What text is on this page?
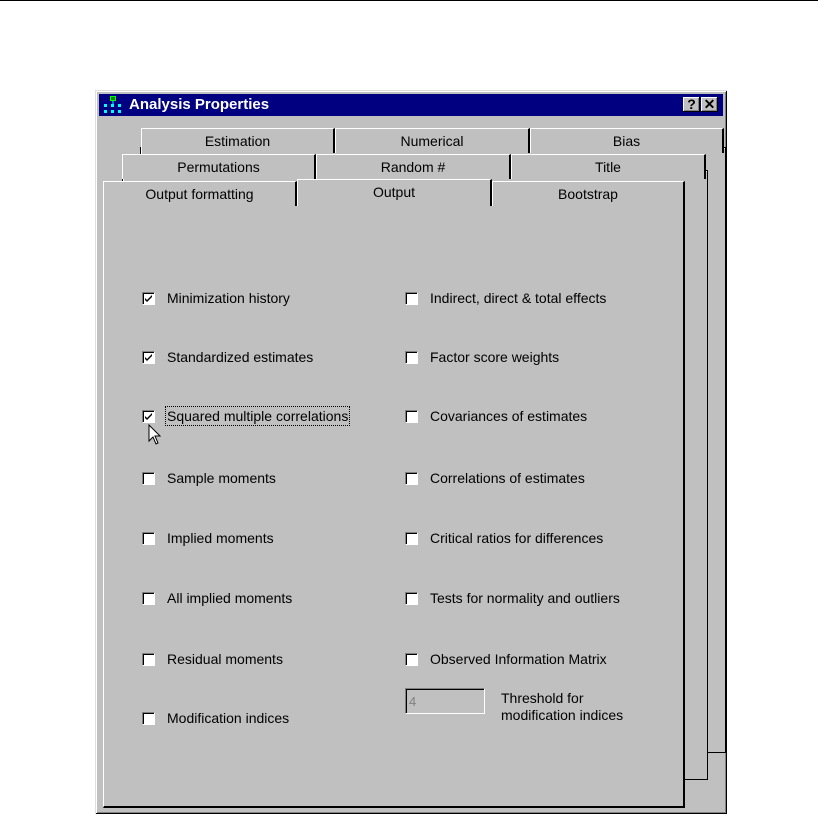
Analysis Properties	? ✕
Estimation	Numerical	Bias
Permutations	Random #	Title
Output formatting	Output	Bootstrap
Minimization history
Standardized estimates
Squared multiple correlations
Sample moments
Implied moments
All implied moments
Residual moments
Modification indices
Indirect, direct & total effects
Factor score weights
Covariances of estimates
Correlations of estimates
Critical ratios for differences
Tests for normality and outliers
Observed Information Matrix
4
Threshold for
modification indices
